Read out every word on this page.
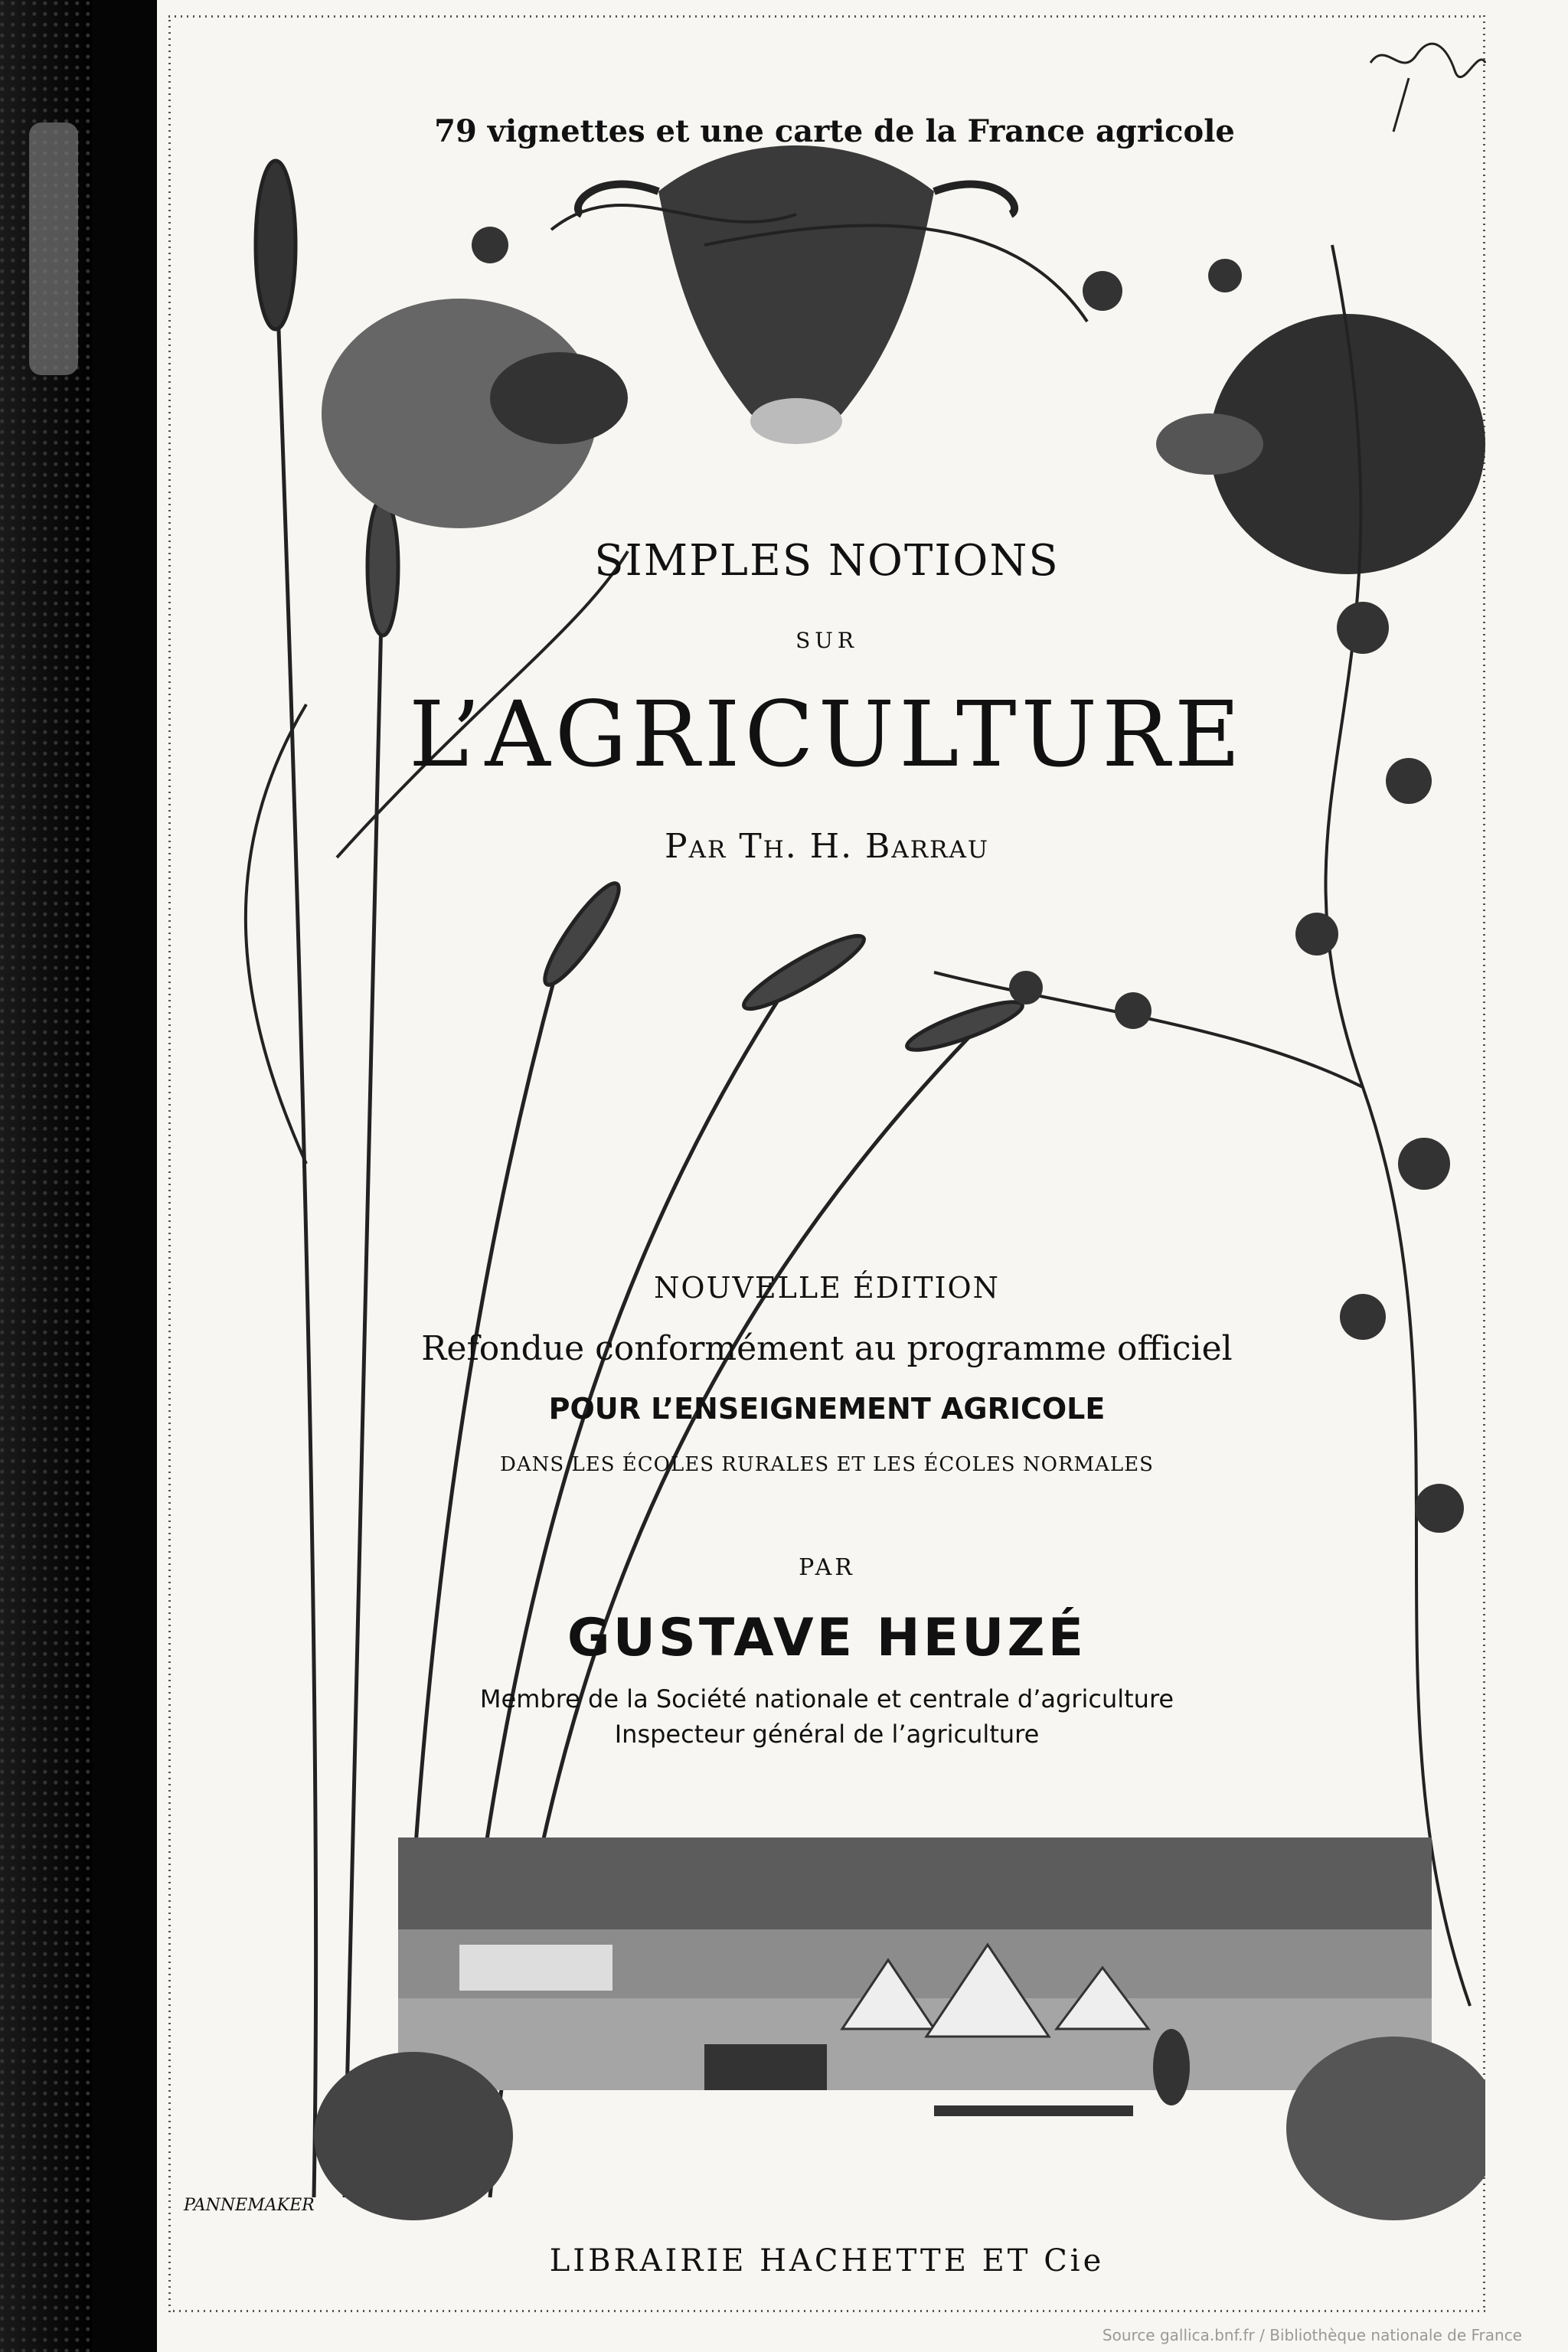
79 vignettes et une carte de la France agricole
SIMPLES NOTIONS
SUR
L’AGRICULTURE
Par Th. H. Barrau
NOUVELLE ÉDITION
Refondue conformément au programme officiel
POUR L’ENSEIGNEMENT AGRICOLE
DANS LES ÉCOLES RURALES ET LES ÉCOLES NORMALES
PAR
GUSTAVE HEUZÉ
Membre de la Société nationale et centrale d’agriculture
Inspecteur général de l’agriculture
PANNEMAKER
LIBRAIRIE HACHETTE ET Cie
Source gallica.bnf.fr / Bibliothèque nationale de France
